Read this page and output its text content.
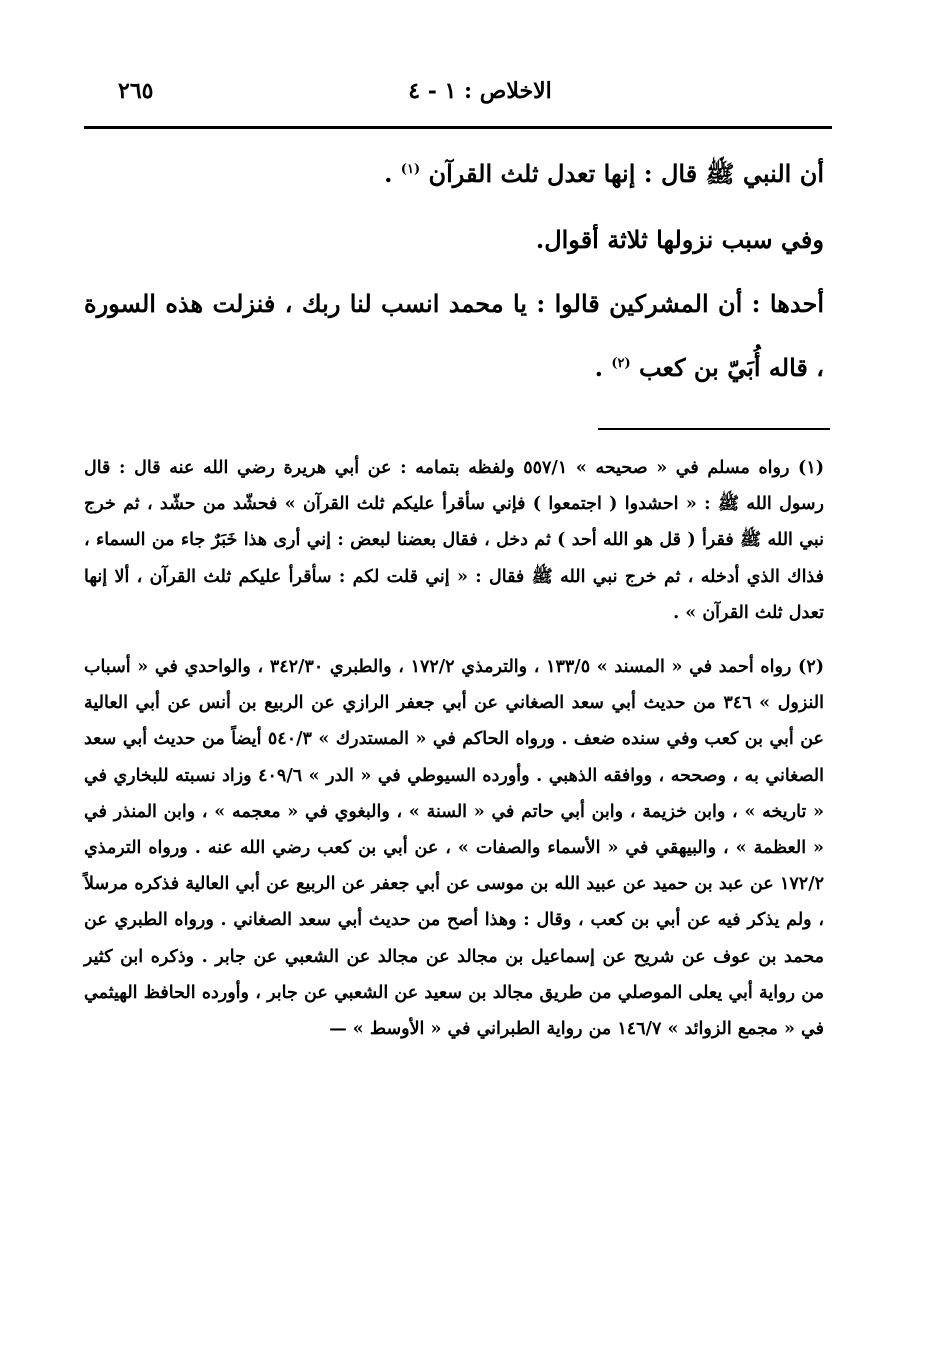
٢٦٥	الاخلاص : ١ - ٤

أن النبي ﷺ قال : إنها تعدل ثلث القرآن $^{(١)}$ .

وفي سبب نزولها ثلاثة أقوال.

أحدها : أن المشركين قالوا : يا محمد انسب لنا ربك ، فنزلت هذه السورة ، قاله أُبَيّ بن كعب $^{(٢)}$ .

(١) رواه مسلم في « صحيحه » ٥٥٧/١ ولفظه بتمامه : عن أبي هريرة رضي الله عنه قال : قال رسول الله ﷺ : « احشدوا ( اجتمعوا ) فإني سأقرأ عليكم ثلث القرآن » فحشّد من حشّد ، ثم خرج نبي الله ﷺ فقرأ ( قل هو الله أحد ) ثم دخل ، فقال بعضنا لبعض : إني أرى هذا خَبَرٌ جاء من السماء ، فذاك الذي أدخله ، ثم خرج نبي الله ﷺ فقال : « إني قلت لكم : سأقرأ عليكم ثلث القرآن ، ألا إنها تعدل ثلث القرآن » .

(٢) رواه أحمد في « المسند » ١٣٣/٥ ، والترمذي ١٧٢/٢ ، والطبري ٣٤٢/٣٠ ، والواحدي في « أسباب النزول » ٣٤٦ من حديث أبي سعد الصغاني عن أبي جعفر الرازي عن الربيع بن أنس عن أبي العالية عن أبي بن كعب وفي سنده ضعف . ورواه الحاكم في « المستدرك » ٥٤٠/٣ أيضاً من حديث أبي سعد الصغاني به ، وصححه ، ووافقه الذهبي . وأورده السيوطي في « الدر » ٤٠٩/٦ وزاد نسبته للبخاري في « تاريخه » ، وابن خزيمة ، وابن أبي حاتم في « السنة » ، والبغوي في « معجمه » ، وابن المنذر في « العظمة » ، والبيهقي في « الأسماء والصفات » ، عن أبي بن كعب رضي الله عنه . ورواه الترمذي ١٧٢/٢ عن عبد بن حميد عن عبيد الله بن موسى عن أبي جعفر عن الربيع عن أبي العالية فذكره مرسلاً ، ولم يذكر فيه عن أبي بن كعب ، وقال : وهذا أصح من حديث أبي سعد الصغاني . ورواه الطبري عن محمد بن عوف عن شريح عن إسماعيل بن مجالد عن مجالد عن الشعبي عن جابر . وذكره ابن كثير من رواية أبي يعلى الموصلي من طريق مجالد بن سعيد عن الشعبي عن جابر ، وأورده الحافظ الهيثمي في « مجمع الزوائد » ١٤٦/٧ من رواية الطبراني في « الأوسط » —
